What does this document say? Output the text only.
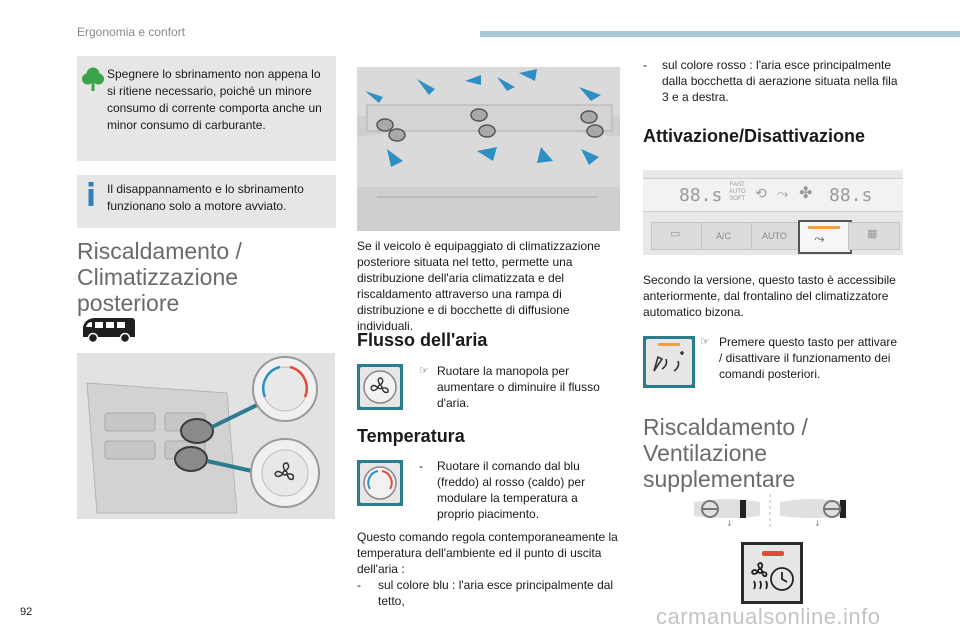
Ergonomia e confort
92	carmanualsonline.info

Spegnere lo sbrinamento non appena lo si ritiene necessario, poiché un minore consumo di corrente comporta anche un minor consumo di carburante.

Il disappannamento e lo sbrinamento funzionano solo a motore avviato.

Riscaldamento /

Climatizzazione

posteriore

Se il veicolo è equipaggiato di climatizzazione posteriore situata nel tetto, permette una distribuzione dell'aria climatizzata e del riscaldamento attraverso una rampa di distribuzione e di bocchette di diffusione individuali.

Flusso dell'aria

☞ Ruotare la manopola per aumentare o diminuire il flusso d'aria.

Temperatura

- Ruotare il comando dal blu (freddo) al rosso (caldo) per modulare la temperatura a proprio piacimento.

Questo comando regola contemporaneamente la temperatura dell'ambiente ed il punto di uscita dell'aria :

- sul colore blu : l'aria esce principalmente dal tetto,

- sul colore rosso : l'aria esce principalmente dalla bocchetta di aerazione situata nella fila 3 e a destra.

Attivazione/Disattivazione

88.s FAST
AUTO
SOFT ⟲ ⤳ ✤ 88.s
▭	A/C	AUTO ⤳	▦

Secondo la versione, questo tasto è accessibile anteriormente, dal frontalino del climatizzatore automatico bizona.

☞ Premere questo tasto per attivare / disattivare il funzionamento dei comandi posteriori.

Riscaldamento /

Ventilazione

supplementare

↓	↓
